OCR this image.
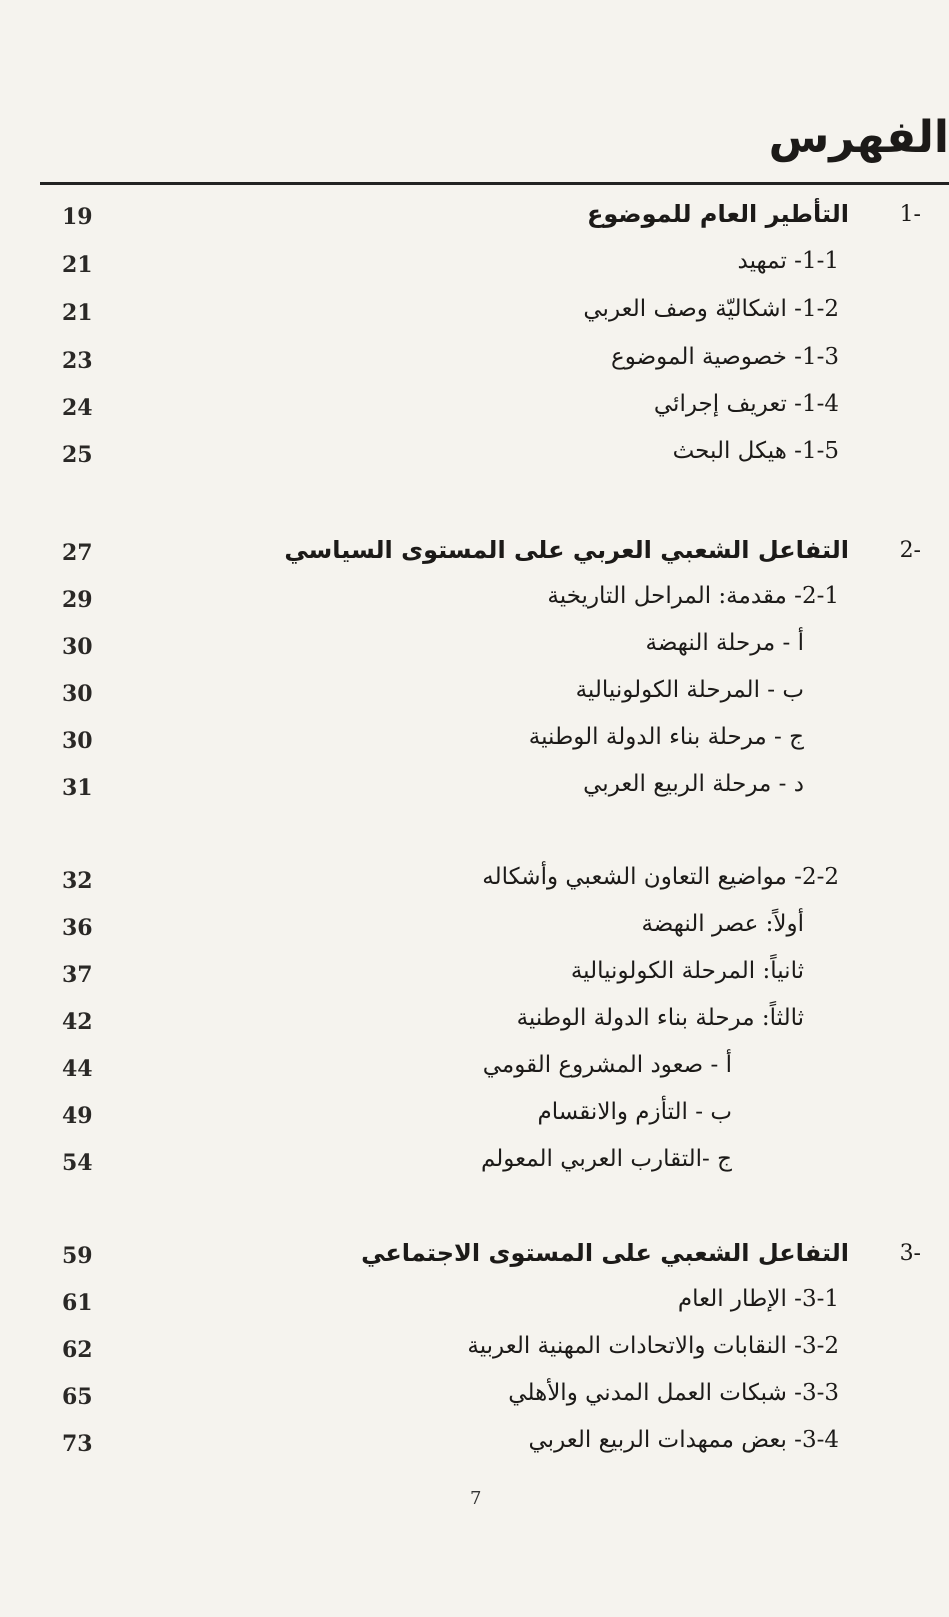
الفهرس
1-
التأطير العام للموضوع
19
1-1- تمهيد
21
1-2- اشكاليّة وصف العربي
21
1-3- خصوصية الموضوع
23
1-4- تعريف إجرائي
24
1-5- هيكل البحث
25
2-
التفاعل الشعبي العربي على المستوى السياسي
27
2-1- مقدمة: المراحل التاريخية
29
أ - مرحلة النهضة
30
ب - المرحلة الكولونيالية
30
ج - مرحلة بناء الدولة الوطنية
30
د - مرحلة الربيع العربي
31
2-2- مواضيع التعاون الشعبي وأشكاله
32
أولاً: عصر النهضة
36
ثانياً: المرحلة الكولونيالية
37
ثالثاً: مرحلة بناء الدولة الوطنية
42
أ - صعود المشروع القومي
44
ب - التأزم والانقسام
49
ج -التقارب العربي المعولم
54
3-
التفاعل الشعبي على المستوى الاجتماعي
59
3-1- الإطار العام
61
3-2- النقابات والاتحادات المهنية العربية
62
3-3- شبكات العمل المدني والأهلي
65
3-4- بعض ممهدات الربيع العربي
73
7
